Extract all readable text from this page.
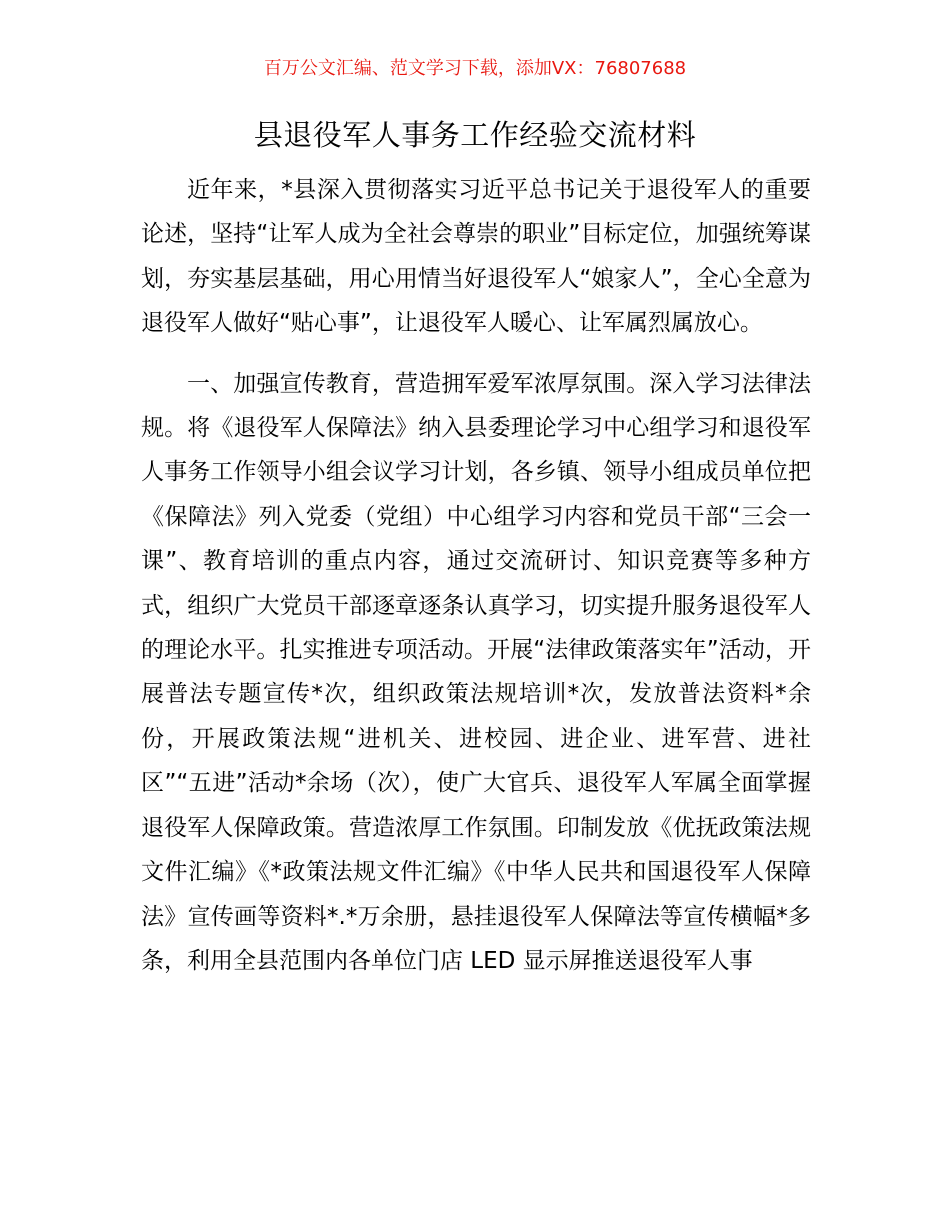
百万公文汇编、范文学习下载，添加VX：76807688
县退役军人事务工作经验交流材料

近年来，*县深入贯彻落实习近平总书记关于退役军人的重要论述，坚持“让军人成为全社会尊崇的职业”目标定位，加强统筹谋划，夯实基层基础，用心用情当好退役军人“娘家人”，全心全意为退役军人做好“贴心事”，让退役军人暖心、让军属烈属放心。

一、加强宣传教育，营造拥军爱军浓厚氛围。深入学习法律法规。将《退役军人保障法》纳入县委理论学习中心组学习和退役军人事务工作领导小组会议学习计划，各乡镇、领导小组成员单位把《保障法》列入党委（党组）中心组学习内容和党员干部“三会一课”、教育培训的重点内容，通过交流研讨、知识竞赛等多种方式，组织广大党员干部逐章逐条认真学习，切实提升服务退役军人的理论水平。扎实推进专项活动。开展“法律政策落实年”活动，开展普法专题宣传*次，组织政策法规培训*次，发放普法资料*余份，开展政策法规“进机关、进校园、进企业、进军营、进社区”“五进”活动*余场（次），使广大官兵、退役军人军属全面掌握退役军人保障政策。营造浓厚工作氛围。印制发放《优抚政策法规文件汇编》《*政策法规文件汇编》《中华人民共和国退役军人保障法》宣传画等资料*.*万余册，悬挂退役军人保障法等宣传横幅*多条，利用全县范围内各单位门店 LED 显示屏推送退役军人事
